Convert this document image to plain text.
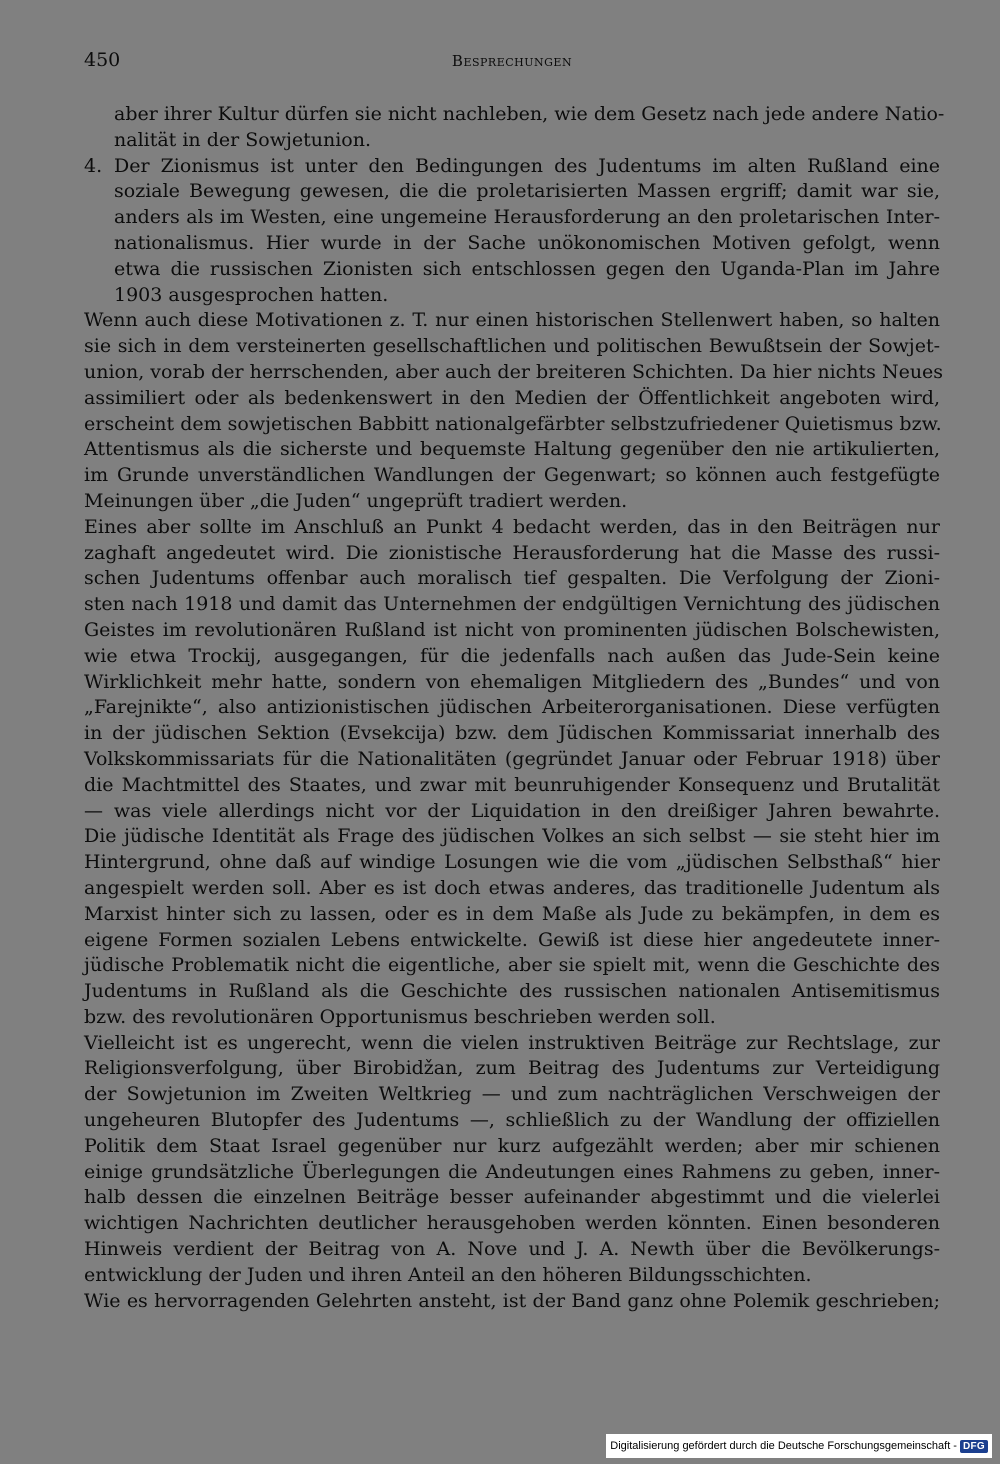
450	Besprechungen
aber ihrer Kultur dürfen sie nicht nachleben, wie dem Gesetz nach jede andere Natio-
nalität in der Sowjetunion.
4. Der Zionismus ist unter den Bedingungen des Judentums im alten Rußland eine
soziale Bewegung gewesen, die die proletarisierten Massen ergriff; damit war sie,
anders als im Westen, eine ungemeine Herausforderung an den proletarischen Inter-
nationalismus. Hier wurde in der Sache unökonomischen Motiven gefolgt, wenn
etwa die russischen Zionisten sich entschlossen gegen den Uganda-Plan im Jahre
1903 ausgesprochen hatten.
Wenn auch diese Motivationen z. T. nur einen historischen Stellenwert haben, so halten
sie sich in dem versteinerten gesellschaftlichen und politischen Bewußtsein der Sowjet-
union, vorab der herrschenden, aber auch der breiteren Schichten. Da hier nichts Neues
assimiliert oder als bedenkenswert in den Medien der Öffentlichkeit angeboten wird,
erscheint dem sowjetischen Babbitt nationalgefärbter selbstzufriedener Quietismus bzw.
Attentismus als die sicherste und bequemste Haltung gegenüber den nie artikulierten,
im Grunde unverständlichen Wandlungen der Gegenwart; so können auch festgefügte
Meinungen über „die Juden“ ungeprüft tradiert werden.
Eines aber sollte im Anschluß an Punkt 4 bedacht werden, das in den Beiträgen nur
zaghaft angedeutet wird. Die zionistische Herausforderung hat die Masse des russi-
schen Judentums offenbar auch moralisch tief gespalten. Die Verfolgung der Zioni-
sten nach 1918 und damit das Unternehmen der endgültigen Vernichtung des jüdischen
Geistes im revolutionären Rußland ist nicht von prominenten jüdischen Bolschewisten,
wie etwa Trockij, ausgegangen, für die jedenfalls nach außen das Jude-Sein keine
Wirklichkeit mehr hatte, sondern von ehemaligen Mitgliedern des „Bundes“ und von
„Farejnikte“, also antizionistischen jüdischen Arbeiterorganisationen. Diese verfügten
in der jüdischen Sektion (Evsekcija) bzw. dem Jüdischen Kommissariat innerhalb des
Volkskommissariats für die Nationalitäten (gegründet Januar oder Februar 1918) über
die Machtmittel des Staates, und zwar mit beunruhigender Konsequenz und Brutalität
— was viele allerdings nicht vor der Liquidation in den dreißiger Jahren bewahrte.
Die jüdische Identität als Frage des jüdischen Volkes an sich selbst — sie steht hier im
Hintergrund, ohne daß auf windige Losungen wie die vom „jüdischen Selbsthaß“ hier
angespielt werden soll. Aber es ist doch etwas anderes, das traditionelle Judentum als
Marxist hinter sich zu lassen, oder es in dem Maße als Jude zu bekämpfen, in dem es
eigene Formen sozialen Lebens entwickelte. Gewiß ist diese hier angedeutete inner-
jüdische Problematik nicht die eigentliche, aber sie spielt mit, wenn die Geschichte des
Judentums in Rußland als die Geschichte des russischen nationalen Antisemitismus
bzw. des revolutionären Opportunismus beschrieben werden soll.
Vielleicht ist es ungerecht, wenn die vielen instruktiven Beiträge zur Rechtslage, zur
Religionsverfolgung, über Birobidžan, zum Beitrag des Judentums zur Verteidigung
der Sowjetunion im Zweiten Weltkrieg — und zum nachträglichen Verschweigen der
ungeheuren Blutopfer des Judentums —, schließlich zu der Wandlung der offiziellen
Politik dem Staat Israel gegenüber nur kurz aufgezählt werden; aber mir schienen
einige grundsätzliche Überlegungen die Andeutungen eines Rahmens zu geben, inner-
halb dessen die einzelnen Beiträge besser aufeinander abgestimmt und die vielerlei
wichtigen Nachrichten deutlicher herausgehoben werden könnten. Einen besonderen
Hinweis verdient der Beitrag von A. Nove und J. A. Newth über die Bevölkerungs-
entwicklung der Juden und ihren Anteil an den höheren Bildungsschichten.
Wie es hervorragenden Gelehrten ansteht, ist der Band ganz ohne Polemik geschrieben;
Digitalisierung gefördert durch die Deutsche Forschungsgemeinschaft - DFG
